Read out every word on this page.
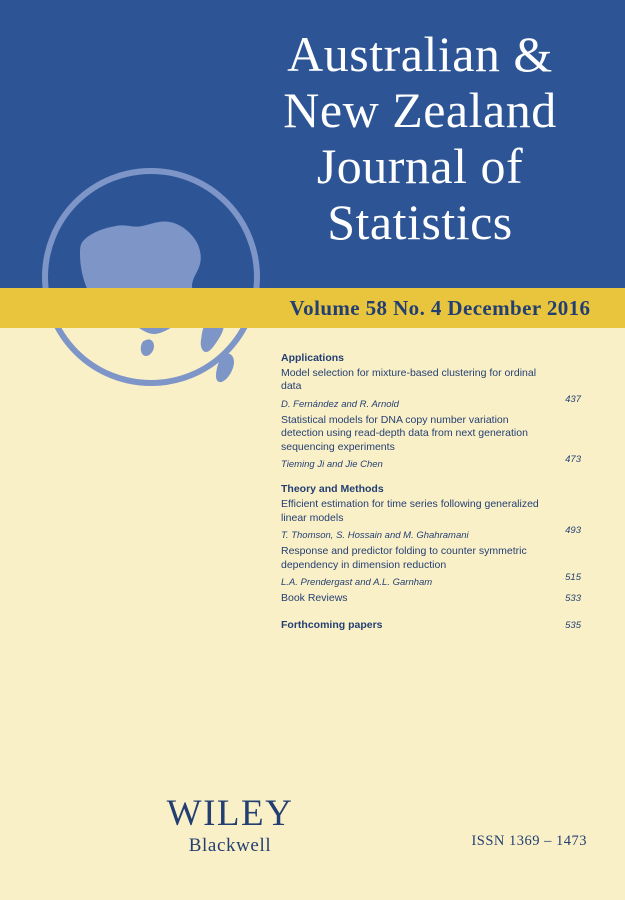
Australian &
New Zealand
Journal of
Statistics
Volume 58 No. 4 December 2016
Applications
Model selection for mixture-based clustering for ordinal data
D. Fernández and R. Arnold	437
Statistical models for DNA copy number variation detection using read-depth data from next generation sequencing experiments
Tieming Ji and Jie Chen	473
Theory and Methods
Efficient estimation for time series following generalized linear models
T. Thomson, S. Hossain and M. Ghahramani	493
Response and predictor folding to counter symmetric dependency in dimension reduction
L.A. Prendergast and A.L. Garnham	515
Book Reviews	533
Forthcoming papers	535
WILEY
Blackwell	ISSN 1369 – 1473
